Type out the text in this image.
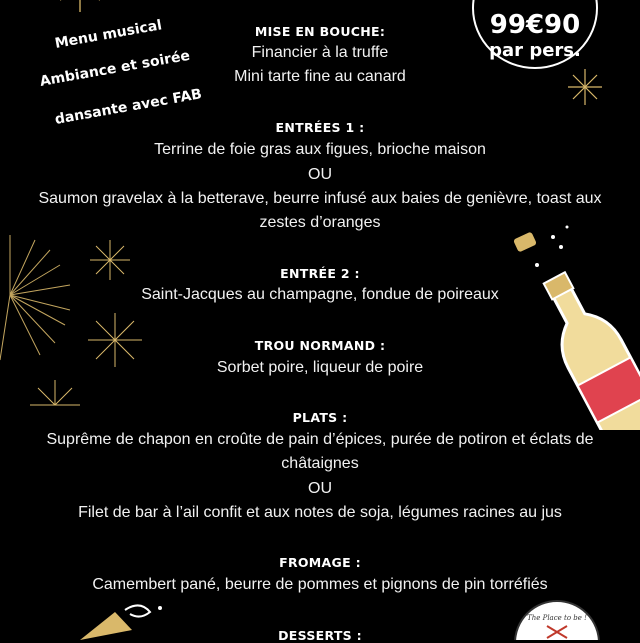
99€90
par pers.
Menu musical
Ambiance et soirée
dansante avec FAB
MISE EN BOUCHE:
Financier à la truffe
Mini tarte fine au canard
ENTRÉES 1 :
Terrine de foie gras aux figues, brioche maison
OU
Saumon gravelax à la betterave, beurre infusé aux baies de genièvre, toast aux
zestes d’oranges
ENTRÉE 2 :
Saint-Jacques au champagne, fondue de poireaux
TROU NORMAND :
Sorbet poire, liqueur de poire
PLATS :
Suprême de chapon en croûte de pain d’épices, purée de potiron et éclats de
châtaignes
OU
Filet de bar à l’ail confit et aux notes de soja, légumes racines au jus
FROMAGE :
Camembert pané, beurre de pommes et pignons de pin torréfiés
DESSERTS :
The Place to be !
